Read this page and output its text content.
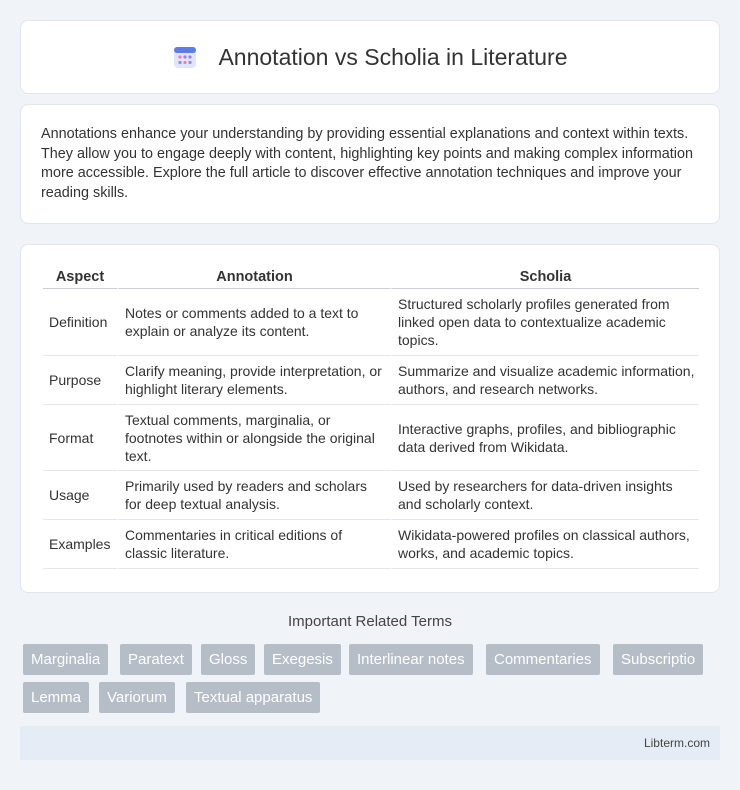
Annotation vs Scholia in Literature

Annotations enhance your understanding by providing essential explanations and context within texts. They allow you to engage deeply with content, highlighting key points and making complex information more accessible. Explore the full article to discover effective annotation techniques and improve your reading skills.

Aspect	Annotation	Scholia
Definition	Notes or comments added to a text to explain or analyze its content.	Structured scholarly profiles generated from linked open data to contextualize academic topics.
Purpose	Clarify meaning, provide interpretation, or highlight literary elements.	Summarize and visualize academic information, authors, and research networks.
Format	Textual comments, marginalia, or footnotes within or alongside the original text.	Interactive graphs, profiles, and bibliographic data derived from Wikidata.
Usage	Primarily used by readers and scholars for deep textual analysis.	Used by researchers for data-driven insights and scholarly context.
Examples	Commentaries in critical editions of classic literature.	Wikidata-powered profiles on classical authors, works, and academic topics.
Important Related Terms
Marginalia	Paratext	Gloss	Exegesis	Interlinear notes	Commentaries	Subscriptio
Lemma	Variorum	Textual apparatus
Libterm.com
